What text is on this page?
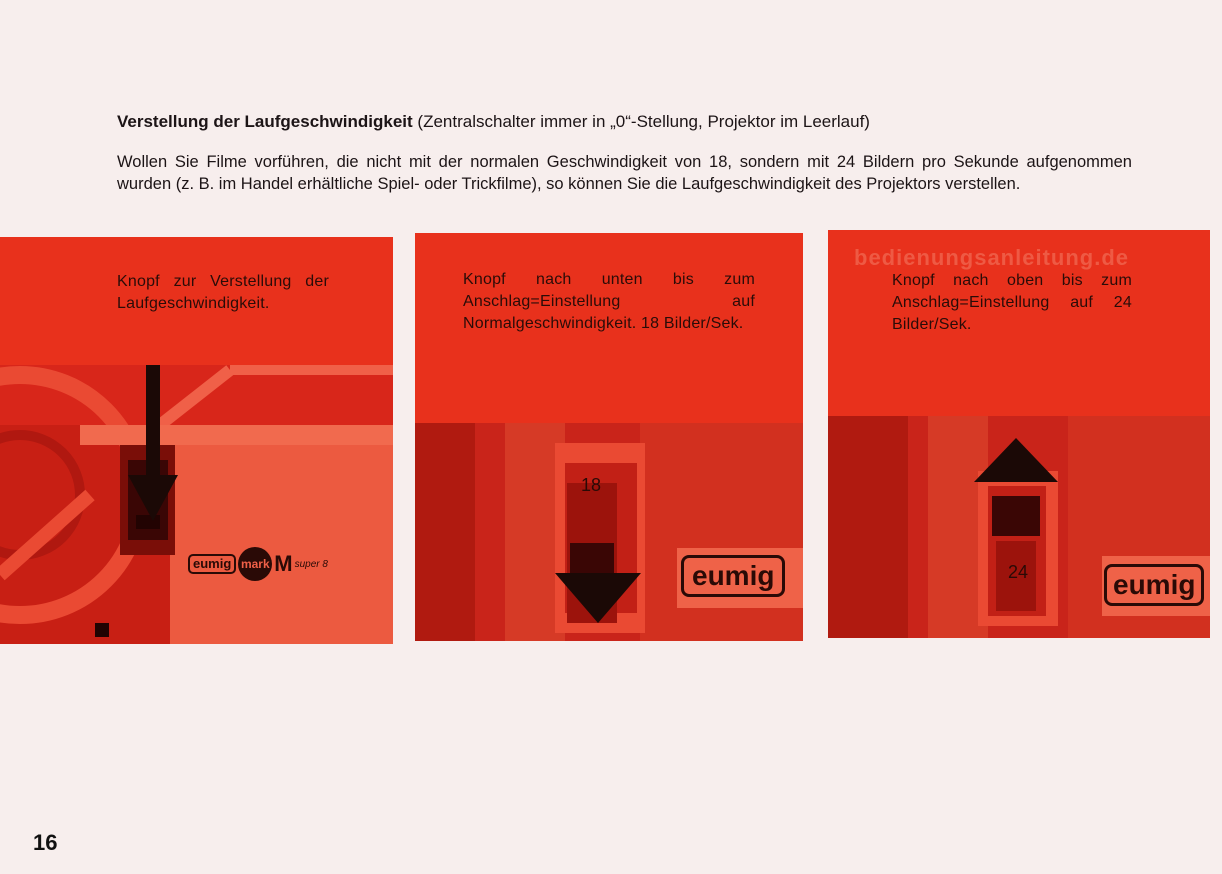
Verstellung der Laufgeschwindigkeit (Zentralschalter immer in „0“-Stellung, Projektor im Leerlauf)
Wollen Sie Filme vorführen, die nicht mit der normalen Geschwindigkeit von 18, sondern mit 24 Bildern pro Sekunde aufgenommen wurden (z. B. im Handel erhältliche Spiel- oder Trickfilme), so können Sie die Laufgeschwindigkeit des Projektors verstellen.
Knopf zur Verstellung der Laufgeschwindigkeit.
eumig mark M super 8
Knopf nach unten bis zum Anschlag=Einstellung auf Normalgeschwindigkeit. 18 Bilder/Sek.
18
eumig
bedienungsanleitung.de
Knopf nach oben bis zum Anschlag=Einstellung auf 24 Bilder/Sek.
24	eumig
16
